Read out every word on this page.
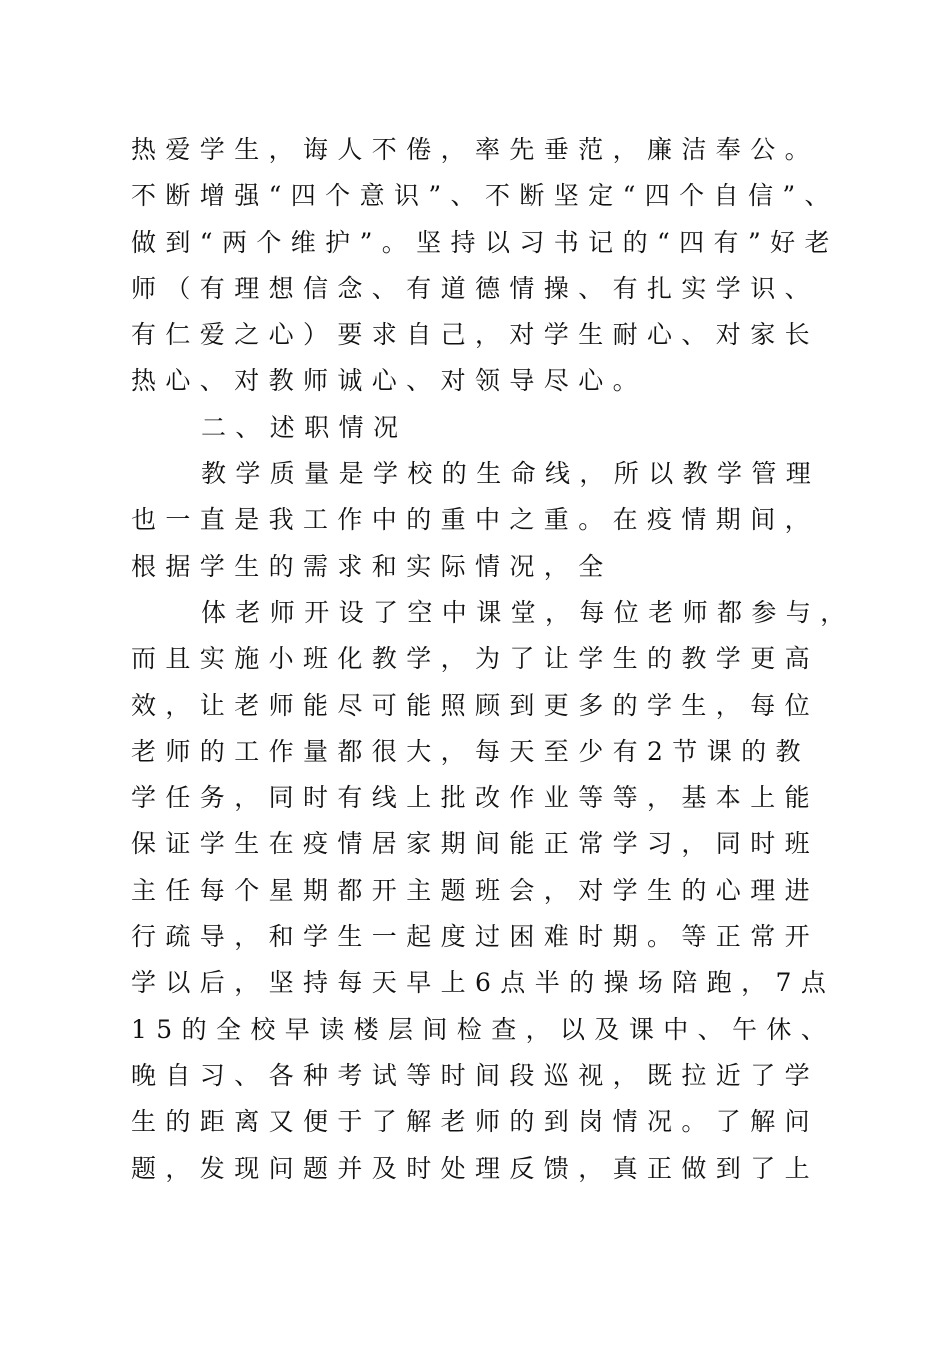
热爱学生，诲人不倦，率先垂范，廉洁奉公。
不断增强“四个意识”、不断坚定“四个自信”、
做到“两个维护”。坚持以习书记的“四有”好老
师（有理想信念、有道德情操、有扎实学识、
有仁爱之心）要求自己，对学生耐心、对家长
热心、对教师诚心、对领导尽心。
二、述职情况
教学质量是学校的生命线，所以教学管理
也一直是我工作中的重中之重。在疫情期间，
根据学生的需求和实际情况，全
体老师开设了空中课堂，每位老师都参与，
而且实施小班化教学，为了让学生的教学更高
效，让老师能尽可能照顾到更多的学生，每位
老师的工作量都很大，每天至少有2节课的教
学任务，同时有线上批改作业等等，基本上能
保证学生在疫情居家期间能正常学习，同时班
主任每个星期都开主题班会，对学生的心理进
行疏导，和学生一起度过困难时期。等正常开
学以后，坚持每天早上6点半的操场陪跑，7点
15的全校早读楼层间检查，以及课中、午休、
晚自习、各种考试等时间段巡视，既拉近了学
生的距离又便于了解老师的到岗情况。了解问
题，发现问题并及时处理反馈，真正做到了上
